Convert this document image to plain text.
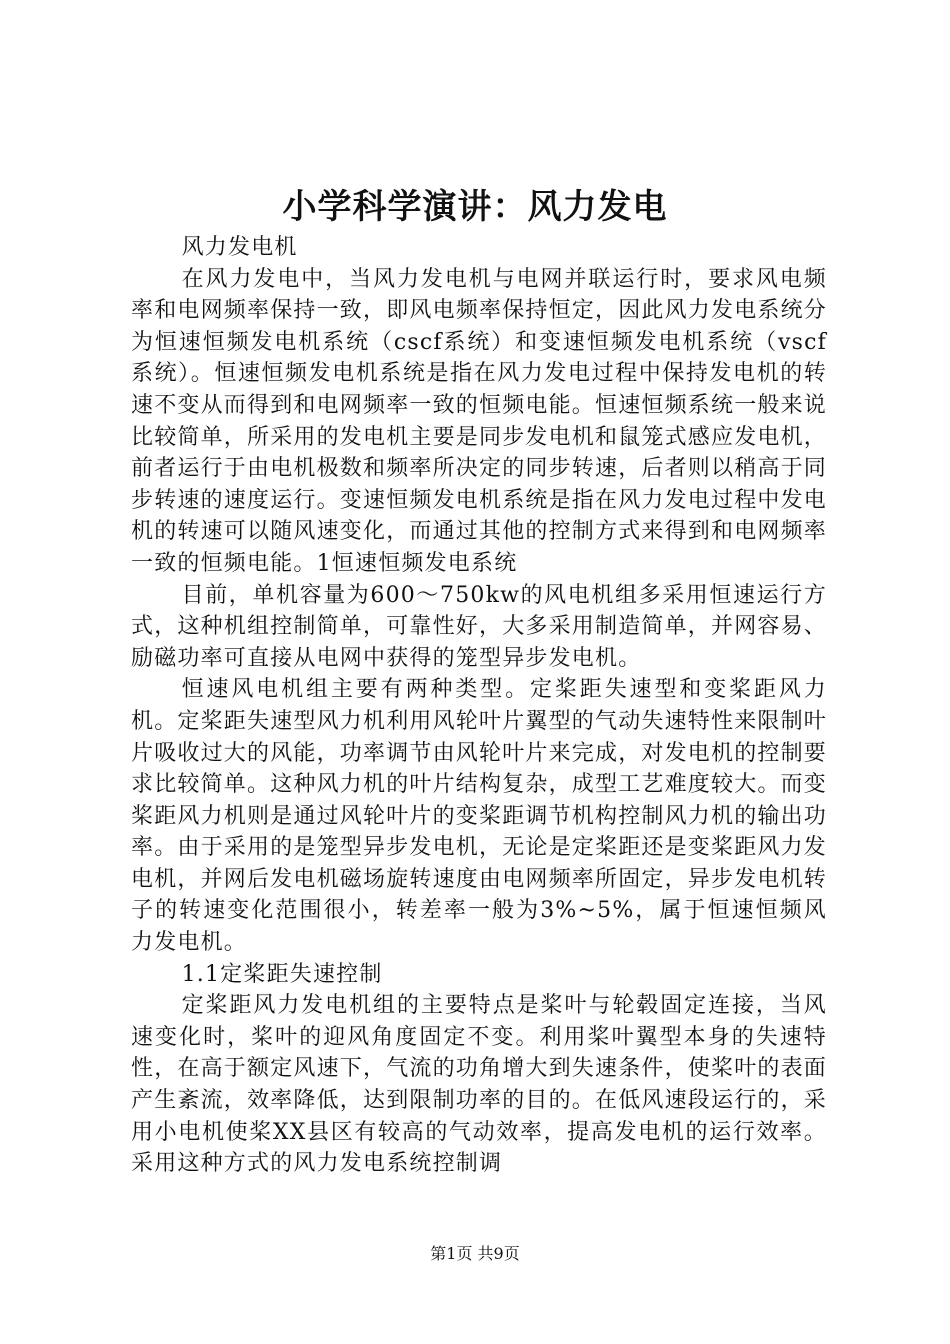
小学科学演讲：风力发电

风力发电机

在风力发电中，当风力发电机与电网并联运行时，要求风电频率和电网频率保持一致，即风电频率保持恒定，因此风力发电系统分为恒速恒频发电机系统（cscf系统）和变速恒频发电机系统（vscf系统）。恒速恒频发电机系统是指在风力发电过程中保持发电机的转速不变从而得到和电网频率一致的恒频电能。恒速恒频系统一般来说比较简单，所采用的发电机主要是同步发电机和鼠笼式感应发电机，前者运行于由电机极数和频率所决定的同步转速，后者则以稍高于同步转速的速度运行。变速恒频发电机系统是指在风力发电过程中发电机的转速可以随风速变化，而通过其他的控制方式来得到和电网频率一致的恒频电能。1恒速恒频发电系统

目前，单机容量为600～750kw的风电机组多采用恒速运行方式，这种机组控制简单，可靠性好，大多采用制造简单，并网容易、励磁功率可直接从电网中获得的笼型异步发电机。

恒速风电机组主要有两种类型。定桨距失速型和变桨距风力机。定桨距失速型风力机利用风轮叶片翼型的气动失速特性来限制叶片吸收过大的风能，功率调节由风轮叶片来完成，对发电机的控制要求比较简单。这种风力机的叶片结构复杂，成型工艺难度较大。而变桨距风力机则是通过风轮叶片的变桨距调节机构控制风力机的输出功率。由于采用的是笼型异步发电机，无论是定桨距还是变桨距风力发电机，并网后发电机磁场旋转速度由电网频率所固定，异步发电机转子的转速变化范围很小，转差率一般为3%~5%，属于恒速恒频风力发电机。

1.1定桨距失速控制

定桨距风力发电机组的主要特点是桨叶与轮毂固定连接，当风速变化时，桨叶的迎风角度固定不变。利用桨叶翼型本身的失速特性，在高于额定风速下，气流的功角增大到失速条件，使桨叶的表面产生紊流，效率降低，达到限制功率的目的。在低风速段运行的，采用小电机使桨XX县区有较高的气动效率，提高发电机的运行效率。采用这种方式的风力发电系统控制调

第1页 共9页
